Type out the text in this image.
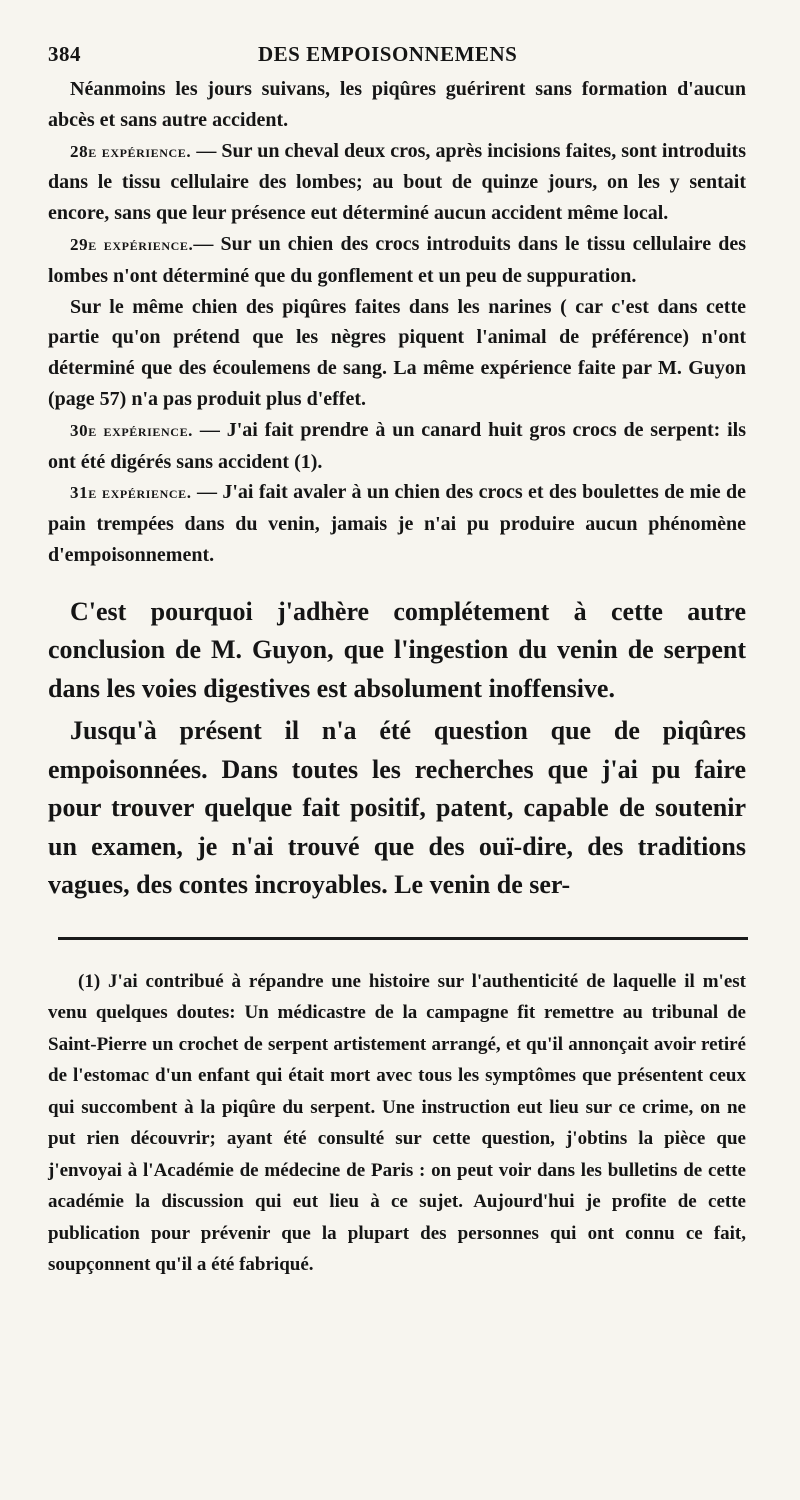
384	DES EMPOISONNEMENS

Néanmoins les jours suivans, les piqûres guérirent sans formation d'aucun abcès et sans autre accident.

28e expérience. — Sur un cheval deux cros, après incisions faites, sont introduits dans le tissu cellulaire des lombes; au bout de quinze jours, on les y sentait encore, sans que leur présence eut déterminé aucun accident même local.

29e expérience.— Sur un chien des crocs introduits dans le tissu cellulaire des lombes n'ont déterminé que du gonflement et un peu de suppuration.

Sur le même chien des piqûres faites dans les narines ( car c'est dans cette partie qu'on prétend que les nègres piquent l'animal de préférence) n'ont déterminé que des écoulemens de sang. La même expérience faite par M. Guyon (page 57) n'a pas produit plus d'effet.

30e expérience. — J'ai fait prendre à un canard huit gros crocs de serpent: ils ont été digérés sans accident (1).

31e expérience. — J'ai fait avaler à un chien des crocs et des boulettes de mie de pain trempées dans du venin, jamais je n'ai pu produire aucun phénomène d'empoisonnement.

C'est pourquoi j'adhère complétement à cette autre conclusion de M. Guyon, que l'ingestion du venin de serpent dans les voies digestives est absolument inoffensive.

Jusqu'à présent il n'a été question que de piqûres empoisonnées. Dans toutes les recherches que j'ai pu faire pour trouver quelque fait positif, patent, capable de soutenir un examen, je n'ai trouvé que des ouï-dire, des traditions vagues, des contes incroyables. Le venin de ser-

(1) J'ai contribué à répandre une histoire sur l'authenticité de laquelle il m'est venu quelques doutes: Un médicastre de la campagne fit remettre au tribunal de Saint-Pierre un crochet de serpent artistement arrangé, et qu'il annonçait avoir retiré de l'estomac d'un enfant qui était mort avec tous les symptômes que présentent ceux qui succombent à la piqûre du serpent. Une instruction eut lieu sur ce crime, on ne put rien découvrir; ayant été consulté sur cette question, j'obtins la pièce que j'envoyai à l'Académie de médecine de Paris : on peut voir dans les bulletins de cette académie la discussion qui eut lieu à ce sujet. Aujourd'hui je profite de cette publication pour prévenir que la plupart des personnes qui ont connu ce fait, soupçonnent qu'il a été fabriqué.
